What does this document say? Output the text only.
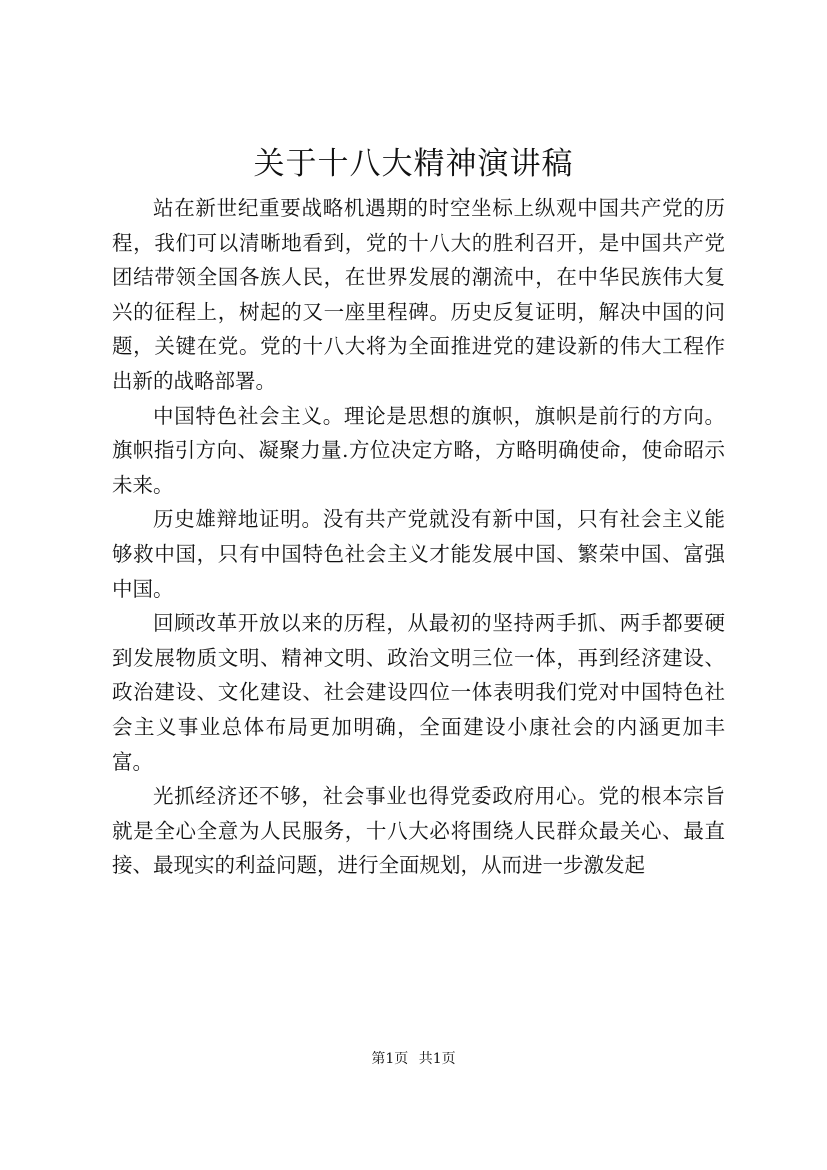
关于十八大精神演讲稿

站在新世纪重要战略机遇期的时空坐标上纵观中国共产党的历程，我们可以清晰地看到，党的十八大的胜利召开，是中国共产党团结带领全国各族人民，在世界发展的潮流中，在中华民族伟大复兴的征程上，树起的又一座里程碑。历史反复证明，解决中国的问题，关键在党。党的十八大将为全面推进党的建设新的伟大工程作出新的战略部署。

中国特色社会主义。理论是思想的旗帜，旗帜是前行的方向。旗帜指引方向、凝聚力量.方位决定方略，方略明确使命，使命昭示未来。

历史雄辩地证明。没有共产党就没有新中国，只有社会主义能够救中国，只有中国特色社会主义才能发展中国、繁荣中国、富强中国。

回顾改革开放以来的历程，从最初的坚持两手抓、两手都要硬到发展物质文明、精神文明、政治文明三位一体，再到经济建设、政治建设、文化建设、社会建设四位一体表明我们党对中国特色社会主义事业总体布局更加明确，全面建设小康社会的内涵更加丰富。

光抓经济还不够，社会事业也得党委政府用心。党的根本宗旨就是全心全意为人民服务，十八大必将围绕人民群众最关心、最直接、最现实的利益问题，进行全面规划，从而进一步激发起

第1页 共1页
